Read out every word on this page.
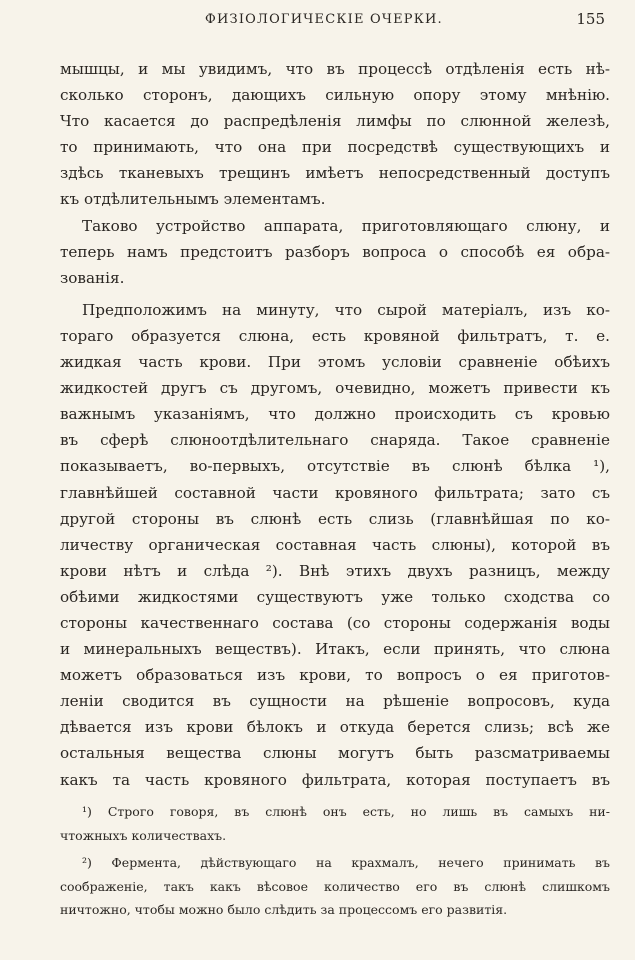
ФИЗIОЛОГИЧЕСКIЕ ОЧЕРКИ.	155
мышцы, и мы увидимъ, что въ процессѣ отдѣленія есть нѣ-
сколько сторонъ, дающихъ сильную опору этому мнѣнію.
Что касается до распредѣленія лимфы по слюнной железѣ,
то принимають, что она при посредствѣ существующихъ и
здѣсь тканевыхъ трещинъ имѣетъ непосредственный доступъ
къ отдѣлительнымъ элементамъ.
Таково устройство аппарата, приготовляющаго слюну, и
теперь намъ предстоитъ разборъ вопроса о способѣ ея обра-
зованія.
Предположимъ на минуту, что сырой матеріалъ, изъ ко-
тораго образуется слюна, есть кровяной фильтратъ, т. е.
жидкая часть крови. При этомъ условіи сравненіе обѣихъ
жидкостей другъ съ другомъ, очевидно, можетъ привести къ
важнымъ указаніямъ, что должно происходить съ кровью
въ сферѣ слюноотдѣлительнаго снаряда. Такое сравненіе
показываетъ, во-первыхъ, отсутствіе въ слюнѣ бѣлка ¹),
главнѣйшей составной части кровяного фильтрата; зато съ
другой стороны въ слюнѣ есть слизь (главнѣйшая по ко-
личеству органическая составная часть слюны), которой въ
крови нѣтъ и слѣда ²). Внѣ этихъ двухъ разницъ, между
обѣими жидкостями существуютъ уже только сходства со
стороны качественнаго состава (со стороны содержанія воды
и минеральныхъ веществъ). Итакъ, если принять, что слюна
можетъ образоваться изъ крови, то вопросъ о ея приготов-
леніи сводится въ сущности на рѣшеніе вопросовъ, куда
дѣвается изъ крови бѣлокъ и откуда берется слизь; всѣ же
остальныя вещества слюны могутъ быть разсматриваемы
какъ та часть кровяного фильтрата, которая поступаетъ въ
¹) Строго говоря, въ слюнѣ онъ есть, но лишь въ самыхъ ни-
чтожныхъ количествахъ.
²) Фермента, дѣйствующаго на крахмалъ, нечего принимать въ
соображеніе, такъ какъ вѣсовое количество его въ слюнѣ слишкомъ
ничтожно, чтобы можно было слѣдить за процессомъ его развитія.
